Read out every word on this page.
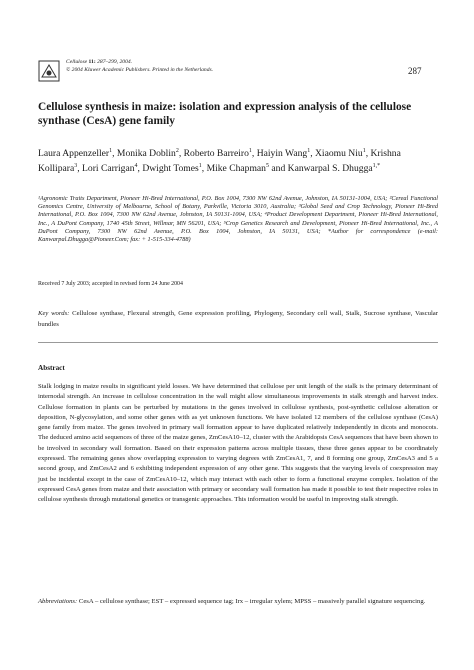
Cellulose 11: 287–299, 2004.
© 2004 Kluwer Academic Publishers. Printed in the Netherlands.	287
Cellulose synthesis in maize: isolation and expression analysis of the cellulose synthase (CesA) gene family
Laura Appenzeller$^1$, Monika Doblin$^2$, Roberto Barreiro$^1$, Haiyin Wang$^1$, Xiaomu Niu$^1$, Krishna Kollipara$^3$, Lori Carrigan$^4$, Dwight Tomes$^1$, Mike Chapman$^5$ and Kanwarpal S. Dhugga$^{1,*}$
¹Agronomic Traits Department, Pioneer Hi-Bred International, P.O. Box 1004, 7300 NW 62nd Avenue, Johnston, IA 50131-1004, USA; ²Cereal Functional Genomics Centre, University of Melbourne, School of Botany, Parkville, Victoria 3010, Australia; ³Global Seed and Crop Technology, Pioneer Hi-Bred International, P.O. Box 1004, 7300 NW 62nd Avenue, Johnston, IA 50131-1004, USA; ⁴Product Development Department, Pioneer Hi-Bred International, Inc., A DuPont Company, 1740 45th Street, Willmar, MN 56201, USA; ⁵Crop Genetics Research and Development, Pioneer Hi-Bred International, Inc., A DuPont Company, 7300 NW 62nd Avenue, P.O. Box 1004, Johnston, IA 50131, USA; *Author for correspondence (e-mail: Kanwarpal.Dhugga@Pioneer.Com; fax: + 1-515-334-4788)
Received 7 July 2003; accepted in revised form 24 June 2004
Key words: Cellulose synthase, Flexural strength, Gene expression profiling, Phylogeny, Secondary cell wall, Stalk, Sucrose synthase, Vascular bundles
Abstract
Stalk lodging in maize results in significant yield losses. We have determined that cellulose per unit length of the stalk is the primary determinant of internodal strength. An increase in cellulose concentration in the wall might allow simultaneous improvements in stalk strength and harvest index. Cellulose formation in plants can be perturbed by mutations in the genes involved in cellulose synthesis, post-synthetic cellulose alteration or deposition, N-glycosylation, and some other genes with as yet unknown functions. We have isolated 12 members of the cellulose synthase (CesA) gene family from maize. The genes involved in primary wall formation appear to have duplicated relatively independently in dicots and monocots. The deduced amino acid sequences of three of the maize genes, ZmCesA10–12, cluster with the Arabidopsis CesA sequences that have been shown to be involved in secondary wall formation. Based on their expression patterns across multiple tissues, these three genes appear to be coordinately expressed. The remaining genes show overlapping expression to varying degrees with ZmCesA1, 7, and 8 forming one group, ZmCesA3 and 5 a second group, and ZmCesA2 and 6 exhibiting independent expression of any other gene. This suggests that the varying levels of coexpression may just be incidental except in the case of ZmCesA10–12, which may interact with each other to form a functional enzyme complex. Isolation of the expressed CesA genes from maize and their association with primary or secondary wall formation has made it possible to test their respective roles in cellulose synthesis through mutational genetics or transgenic approaches. This information would be useful in improving stalk strength.
Abbreviations: CesA – cellulose synthase; EST – expressed sequence tag; Irx – irregular xylem; MPSS – massively parallel signature sequencing.
